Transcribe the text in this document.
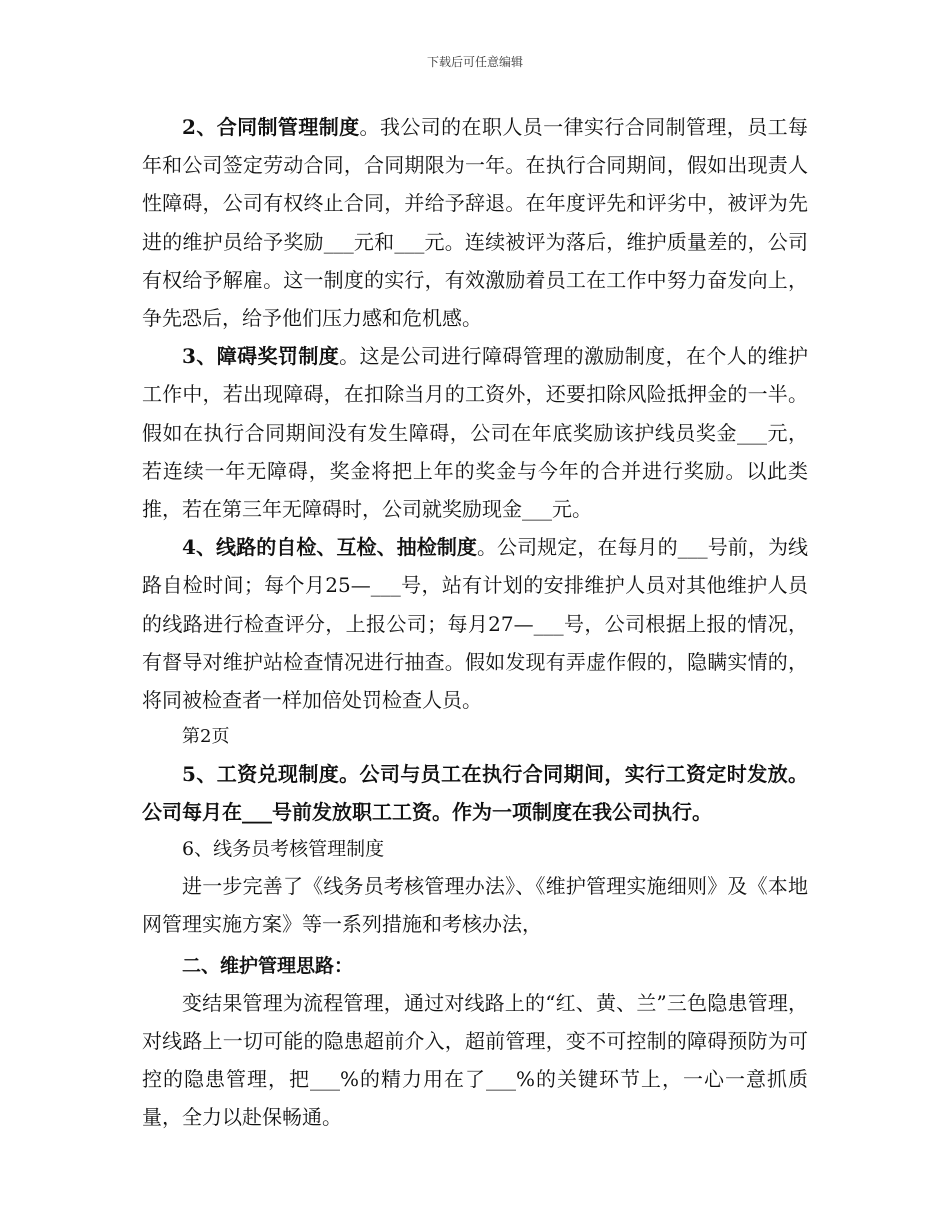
下载后可任意编辑

2、合同制管理制度。我公司的在职人员一律实行合同制管理，员工每年和公司签定劳动合同，合同期限为一年。在执行合同期间，假如出现责人性障碍，公司有权终止合同，并给予辞退。在年度评先和评劣中，被评为先进的维护员给予奖励___元和___元。连续被评为落后，维护质量差的，公司有权给予解雇。这一制度的实行，有效激励着员工在工作中努力奋发向上，争先恐后，给予他们压力感和危机感。

3、障碍奖罚制度。这是公司进行障碍管理的激励制度，在个人的维护工作中，若出现障碍，在扣除当月的工资外，还要扣除风险抵押金的一半。假如在执行合同期间没有发生障碍，公司在年底奖励该护线员奖金___元，若连续一年无障碍，奖金将把上年的奖金与今年的合并进行奖励。以此类推，若在第三年无障碍时，公司就奖励现金___元。

4、线路的自检、互检、抽检制度。公司规定，在每月的___号前，为线路自检时间；每个月25—___号，站有计划的安排维护人员对其他维护人员的线路进行检查评分，上报公司；每月27—___号，公司根据上报的情况，有督导对维护站检查情况进行抽查。假如发现有弄虚作假的，隐瞒实情的，将同被检查者一样加倍处罚检查人员。

第2页

5、工资兑现制度。公司与员工在执行合同期间，实行工资定时发放。公司每月在___号前发放职工工资。作为一项制度在我公司执行。

6、线务员考核管理制度

进一步完善了《线务员考核管理办法》、《维护管理实施细则》及《本地网管理实施方案》等一系列措施和考核办法，

二、维护管理思路：

变结果管理为流程管理，通过对线路上的“红、黄、兰”三色隐患管理，对线路上一切可能的隐患超前介入，超前管理，变不可控制的障碍预防为可控的隐患管理，把___%的精力用在了___%的关键环节上，一心一意抓质量，全力以赴保畅通。
